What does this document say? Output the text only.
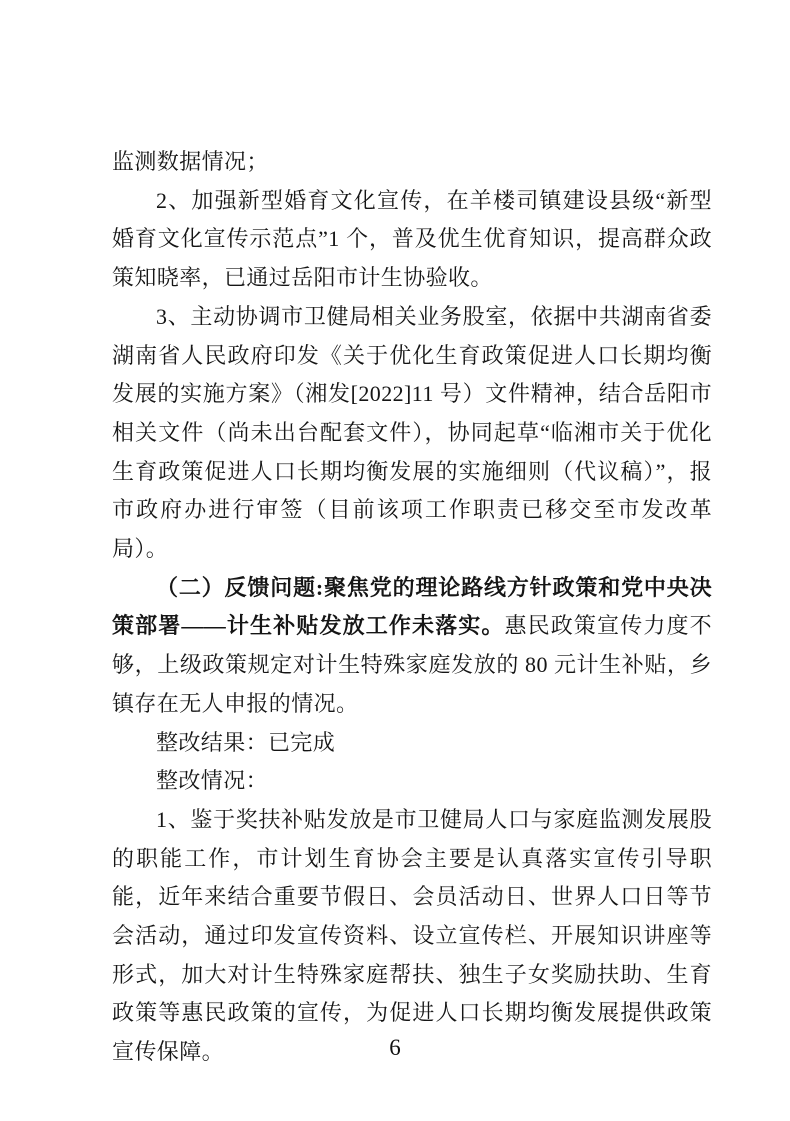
监测数据情况；

2、加强新型婚育文化宣传，在羊楼司镇建设县级“新型婚育文化宣传示范点”1 个，普及优生优育知识，提高群众政策知晓率，已通过岳阳市计生协验收。

3、主动协调市卫健局相关业务股室，依据中共湖南省委湖南省人民政府印发《关于优化生育政策促进人口长期均衡发展的实施方案》（湘发[2022]11 号）文件精神，结合岳阳市相关文件（尚未出台配套文件），协同起草“临湘市关于优化生育政策促进人口长期均衡发展的实施细则（代议稿）”，报市政府办进行审签（目前该项工作职责已移交至市发改革局）。

（二）反馈问题:聚焦党的理论路线方针政策和党中央决策部署——计生补贴发放工作未落实。惠民政策宣传力度不够，上级政策规定对计生特殊家庭发放的 80 元计生补贴，乡镇存在无人申报的情况。

整改结果：已完成

整改情况：

1、鉴于奖扶补贴发放是市卫健局人口与家庭监测发展股的职能工作，市计划生育协会主要是认真落实宣传引导职能，近年来结合重要节假日、会员活动日、世界人口日等节会活动，通过印发宣传资料、设立宣传栏、开展知识讲座等形式，加大对计生特殊家庭帮扶、独生子女奖励扶助、生育政策等惠民政策的宣传，为促进人口长期均衡发展提供政策宣传保障。	6
